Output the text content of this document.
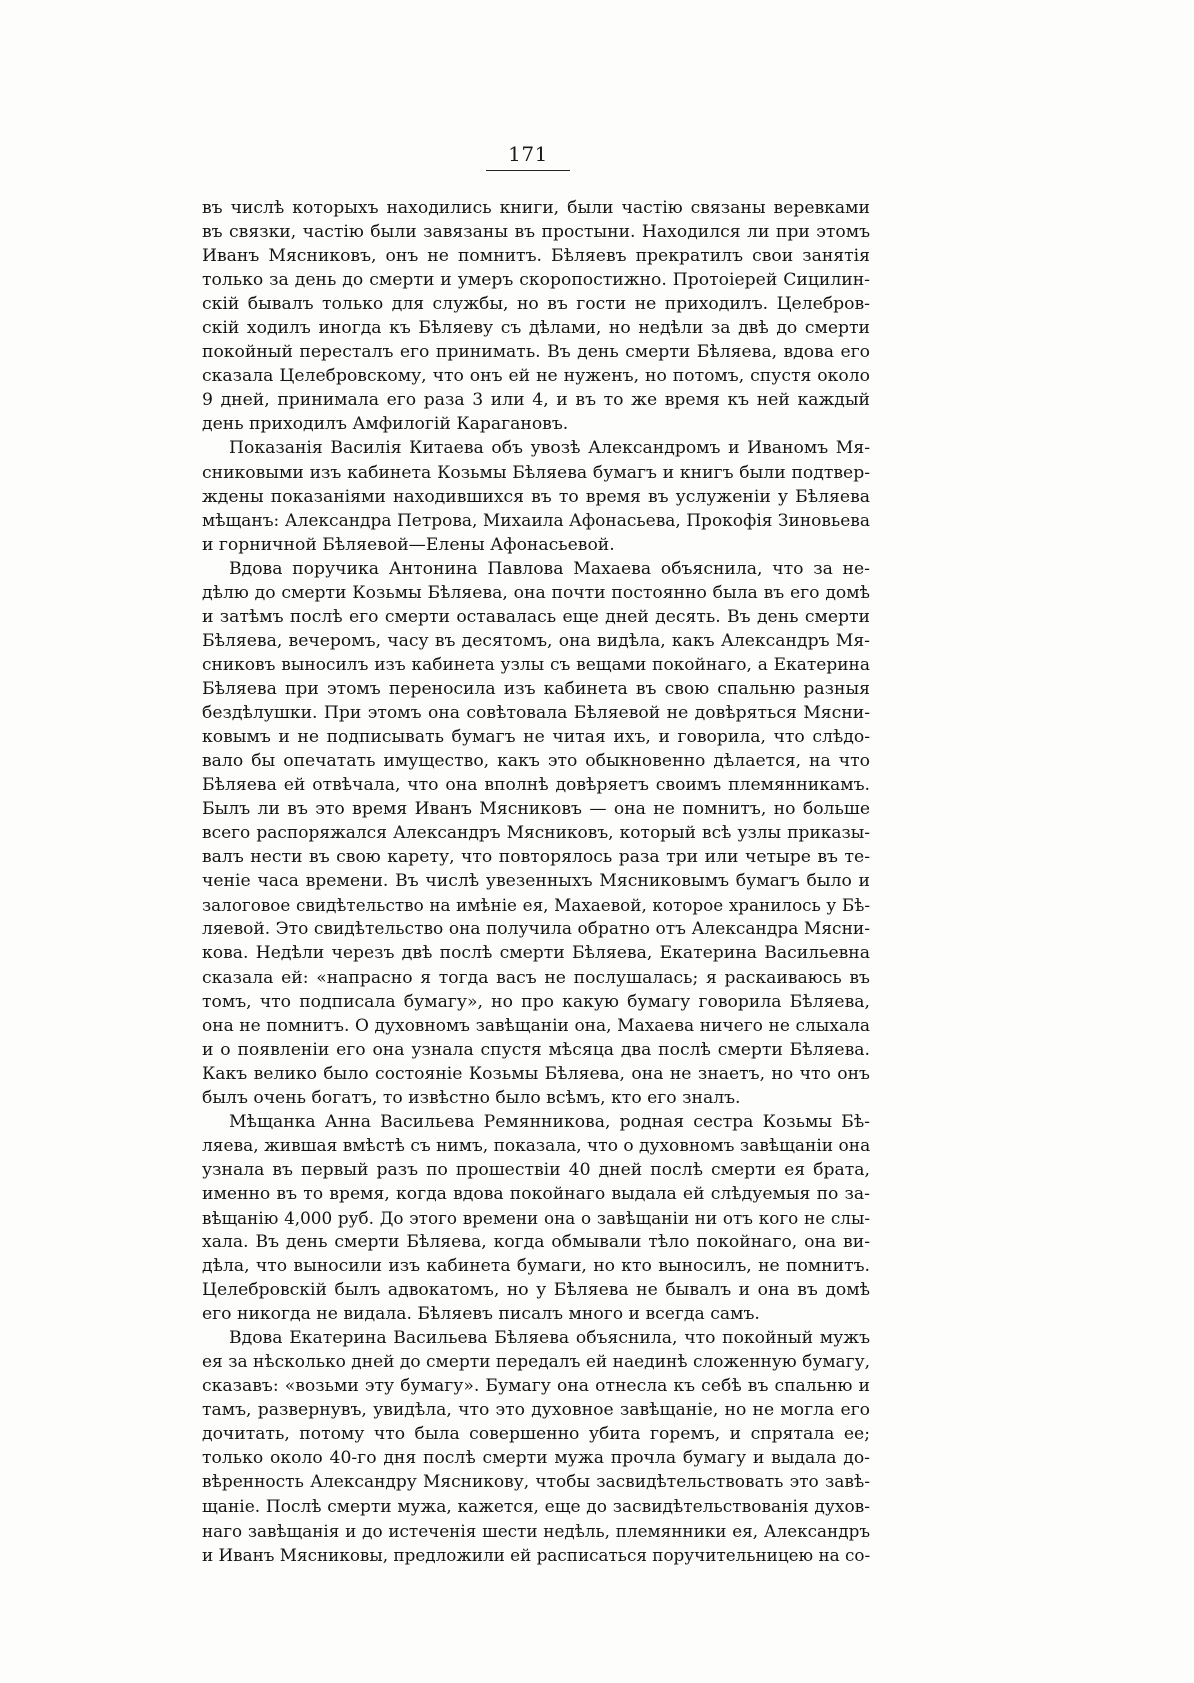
171
въ числѣ которыхъ находились книги, были частію связаны веревками
въ связки, частію были завязаны въ простыни. Находился ли при этомъ
Иванъ Мясниковъ, онъ не помнитъ. Бѣляевъ прекратилъ свои занятія
только за день до смерти и умеръ скоропостижно. Протоіерей Сицилин-
скій бывалъ только для службы, но въ гости не приходилъ. Целебров-
скій ходилъ иногда къ Бѣляеву съ дѣлами, но недѣли за двѣ до смерти
покойный пересталъ его принимать. Въ день смерти Бѣляева, вдова его
сказала Целебровскому, что онъ ей не нуженъ, но потомъ, спустя около
9 дней, принимала его раза 3 или 4, и въ то же время къ ней каждый
день приходилъ Амфилогій Карагановъ.
Показанія Василія Китаева объ увозѣ Александромъ и Иваномъ Мя-
сниковыми изъ кабинета Козьмы Бѣляева бумагъ и книгъ были подтвер-
ждены показаніями находившихся въ то время въ услуженіи у Бѣляева
мѣщанъ: Александра Петрова, Михаила Афонасьева, Прокофія Зиновьева
и горничной Бѣляевой—Елены Афонасьевой.
Вдова поручика Антонина Павлова Махаева объяснила, что за не-
дѣлю до смерти Козьмы Бѣляева, она почти постоянно была въ его домѣ
и затѣмъ послѣ его смерти оставалась еще дней десять. Въ день смерти
Бѣляева, вечеромъ, часу въ десятомъ, она видѣла, какъ Александръ Мя-
сниковъ выносилъ изъ кабинета узлы съ вещами покойнаго, а Екатерина
Бѣляева при этомъ переносила изъ кабинета въ свою спальню разныя
бездѣлушки. При этомъ она совѣтовала Бѣляевой не довѣряться Мясни-
ковымъ и не подписывать бумагъ не читая ихъ, и говорила, что слѣдо-
вало бы опечатать имущество, какъ это обыкновенно дѣлается, на что
Бѣляева ей отвѣчала, что она вполнѣ довѣряетъ своимъ племянникамъ.
Былъ ли въ это время Иванъ Мясниковъ — она не помнитъ, но больше
всего распоряжался Александръ Мясниковъ, который всѣ узлы приказы-
валъ нести въ свою карету, что повторялось раза три или четыре въ те-
ченіе часа времени. Въ числѣ увезенныхъ Мясниковымъ бумагъ было и
залоговое свидѣтельство на имѣніе ея, Махаевой, которое хранилось у Бѣ-
ляевой. Это свидѣтельство она получила обратно отъ Александра Мясни-
кова. Недѣли черезъ двѣ послѣ смерти Бѣляева, Екатерина Васильевна
сказала ей: «напрасно я тогда васъ не послушалась; я раскаиваюсь въ
томъ, что подписала бумагу», но про какую бумагу говорила Бѣляева,
она не помнитъ. О духовномъ завѣщаніи она, Махаева ничего не слыхала
и о появленіи его она узнала спустя мѣсяца два послѣ смерти Бѣляева.
Какъ велико было состояніе Козьмы Бѣляева, она не знаетъ, но что онъ
былъ очень богатъ, то извѣстно было всѣмъ, кто его зналъ.
Мѣщанка Анна Васильева Ремянникова, родная сестра Козьмы Бѣ-
ляева, жившая вмѣстѣ съ нимъ, показала, что о духовномъ завѣщаніи она
узнала въ первый разъ по прошествіи 40 дней послѣ смерти ея брата,
именно въ то время, когда вдова покойнаго выдала ей слѣдуемыя по за-
вѣщанію 4,000 руб. До этого времени она о завѣщаніи ни отъ кого не слы-
хала. Въ день смерти Бѣляева, когда обмывали тѣло покойнаго, она ви-
дѣла, что выносили изъ кабинета бумаги, но кто выносилъ, не помнитъ.
Целебровскій былъ адвокатомъ, но у Бѣляева не бывалъ и она въ домѣ
его никогда не видала. Бѣляевъ писалъ много и всегда самъ.
Вдова Екатерина Васильева Бѣляева объяснила, что покойный мужъ
ея за нѣсколько дней до смерти передалъ ей наединѣ сложенную бумагу,
сказавъ: «возьми эту бумагу». Бумагу она отнесла къ себѣ въ спальню и
тамъ, развернувъ, увидѣла, что это духовное завѣщаніе, но не могла его
дочитать, потому что была совершенно убита горемъ, и спрятала ее;
только около 40-го дня послѣ смерти мужа прочла бумагу и выдала до-
вѣренность Александру Мясникову, чтобы засвидѣтельствовать это завѣ-
щаніе. Послѣ смерти мужа, кажется, еще до засвидѣтельствованія духов-
наго завѣщанія и до истеченія шести недѣль, племянники ея, Александръ
и Иванъ Мясниковы, предложили ей расписаться поручительницею на со-
